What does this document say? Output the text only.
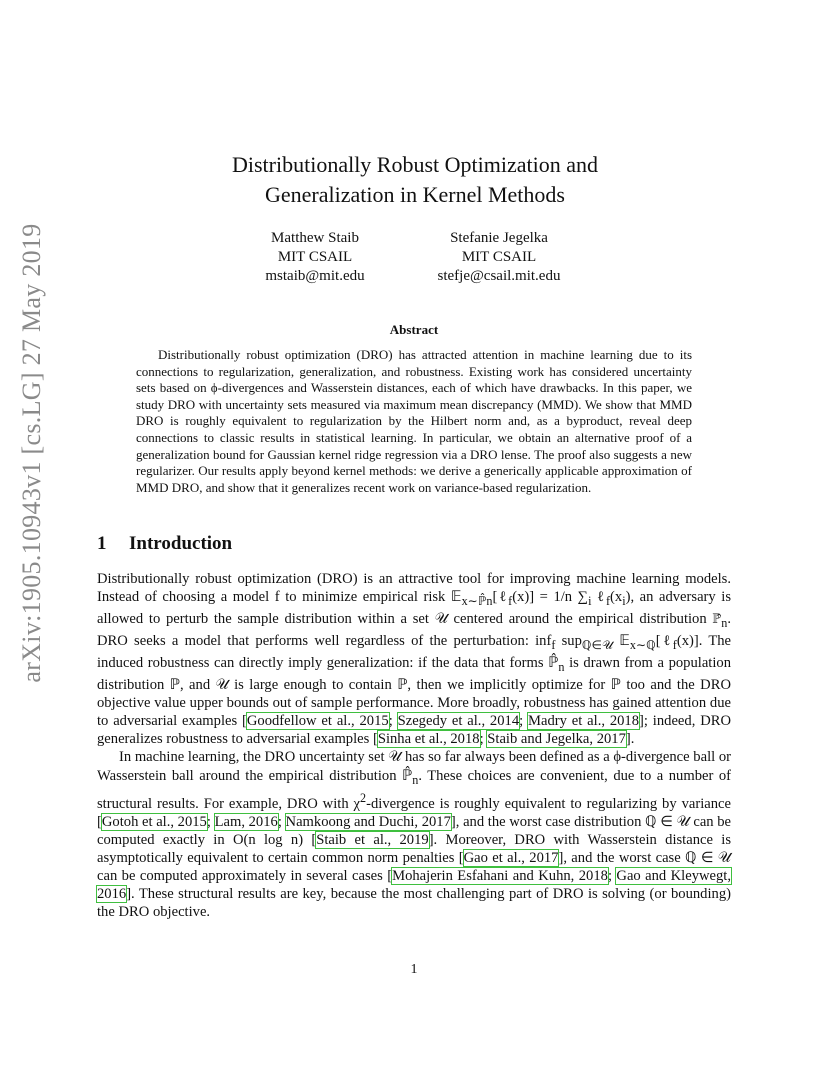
arXiv:1905.10943v1 [cs.LG] 27 May 2019
Distributionally Robust Optimization and
Generalization in Kernel Methods
Matthew Staib
MIT CSAIL
mstaib@mit.edu
Stefanie Jegelka
MIT CSAIL
stefje@csail.mit.edu
Abstract

Distributionally robust optimization (DRO) has attracted attention in machine learning due to its connections to regularization, generalization, and robustness. Existing work has considered uncertainty sets based on ϕ-divergences and Wasserstein distances, each of which have drawbacks. In this paper, we study DRO with uncertainty sets measured via maximum mean discrepancy (MMD). We show that MMD DRO is roughly equivalent to regularization by the Hilbert norm and, as a byproduct, reveal deep connections to classic results in statistical learning. In particular, we obtain an alternative proof of a generalization bound for Gaussian kernel ridge regression via a DRO lense. The proof also suggests a new regularizer. Our results apply beyond kernel methods: we derive a generically applicable approximation of MMD DRO, and show that it generalizes recent work on variance-based regularization.

1 Introduction

Distributionally robust optimization (DRO) is an attractive tool for improving machine learning models. Instead of choosing a model f to minimize empirical risk 𝔼$_{x\sim ℙ̂n}$[ℓ$_f$(x)] = 1/n $\sum_i$ $\ell_f(x_i)$, an adversary is allowed to perturb the sample distribution within a set 𝒰 centered around the empirical distribution $ℙ̂_n$. DRO seeks a model that performs well regardless of the perturbation: inf$_f$ sup$_{ℚ\in 𝒰}$ 𝔼$_{x\sim ℚ}$[ℓ$_f$(x)]. The induced robustness can directly imply generalization: if the data that forms $ℙ̂_n$ is drawn from a population distribution ℙ, and 𝒰 is large enough to contain ℙ, then we implicitly optimize for ℙ too and the DRO objective value upper bounds out of sample performance. More broadly, robustness has gained attention due to adversarial examples [Goodfellow et al., 2015; Szegedy et al., 2014; Madry et al., 2018]; indeed, DRO generalizes robustness to adversarial examples [Sinha et al., 2018; Staib and Jegelka, 2017].

In machine learning, the DRO uncertainty set 𝒰 has so far always been defined as a ϕ-divergence ball or Wasserstein ball around the empirical distribution $ℙ̂_n$. These choices are convenient, due to a number of structural results. For example, DRO with $\chi^2$-divergence is roughly equivalent to regularizing by variance [Gotoh et al., 2015; Lam, 2016; Namkoong and Duchi, 2017], and the worst case distribution ℚ ∈ 𝒰 can be computed exactly in O(n log n) [Staib et al., 2019]. Moreover, DRO with Wasserstein distance is asymptotically equivalent to certain common norm penalties [Gao et al., 2017], and the worst case ℚ ∈ 𝒰 can be computed approximately in several cases [Mohajerin Esfahani and Kuhn, 2018; Gao and Kleywegt, 2016]. These structural results are key, because the most challenging part of DRO is solving (or bounding) the DRO objective.

1
